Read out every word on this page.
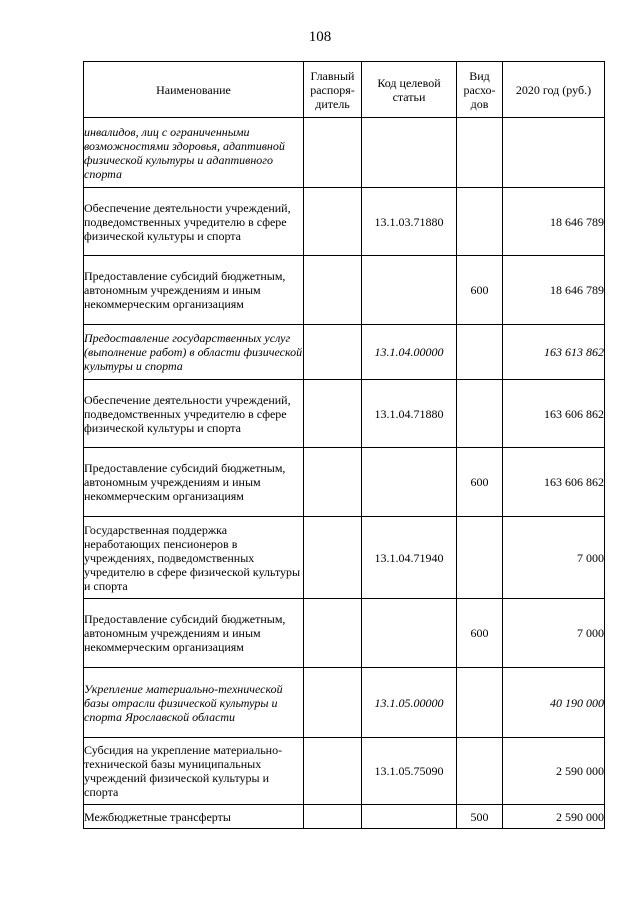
108
Наименование	Главный распоря-дитель	Код целевой статьи	Вид расхо-дов	2020 год (руб.)
инвалидов, лиц с ограниченными возможностями здоровья, адаптивной физической культуры и адаптивного спорта				
Обеспечение деятельности учреждений, подведомственных учредителю в сфере физической культуры и спорта		13.1.03.71880		18 646 789
Предоставление субсидий бюджетным, автономным учреждениям и иным некоммерческим организациям			600	18 646 789
Предоставление государственных услуг (выполнение работ) в области физической культуры и спорта		13.1.04.00000		163 613 862
Обеспечение деятельности учреждений, подведомственных учредителю в сфере физической культуры и спорта		13.1.04.71880		163 606 862
Предоставление субсидий бюджетным, автономным учреждениям и иным некоммерческим организациям			600	163 606 862
Государственная поддержка неработающих пенсионеров в учреждениях, подведомственных учредителю в сфере физической культуры и спорта		13.1.04.71940		7 000
Предоставление субсидий бюджетным, автономным учреждениям и иным некоммерческим организациям			600	7 000
Укрепление материально-технической базы отрасли физической культуры и спорта Ярославской области		13.1.05.00000		40 190 000
Субсидия на укрепление материально-технической базы муниципальных учреждений физической культуры и спорта		13.1.05.75090		2 590 000
Межбюджетные трансферты			500	2 590 000
